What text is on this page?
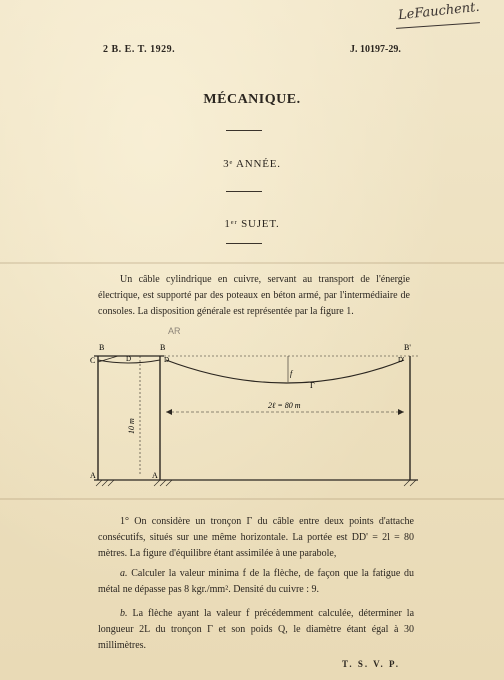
LeFauchent.
2 B. E. T. 1929.	J. 10197-29.
MÉCANIQUE.
3ᵉ ANNÉE.
1ᵉʳ SUJET.
Un câble cylindrique en cuivre, servant au transport de l'énergie électrique, est supporté par des poteaux en béton armé, par l'intermédiaire de consoles. La disposition générale est représentée par la figure 1.
AR
B	B	B'
C	D	D	D'
f
Γ
2ℓ = 80 m
10 m
A	A
1° On considère un tronçon Γ du câble entre deux points d'attache consécutifs, situés sur une même horizontale. La portée est DD' = 2l = 80 mètres. La figure d'équilibre étant assimilée à une parabole,
a. Calculer la valeur minima f de la flèche, de façon que la fatigue du métal ne dépasse pas 8 kgr./mm². Densité du cuivre : 9.
b. La flèche ayant la valeur f précédemment calculée, déterminer la longueur 2L du tronçon Γ et son poids Q, le diamètre étant égal à 30 millimètres.
T. S. V. P.
